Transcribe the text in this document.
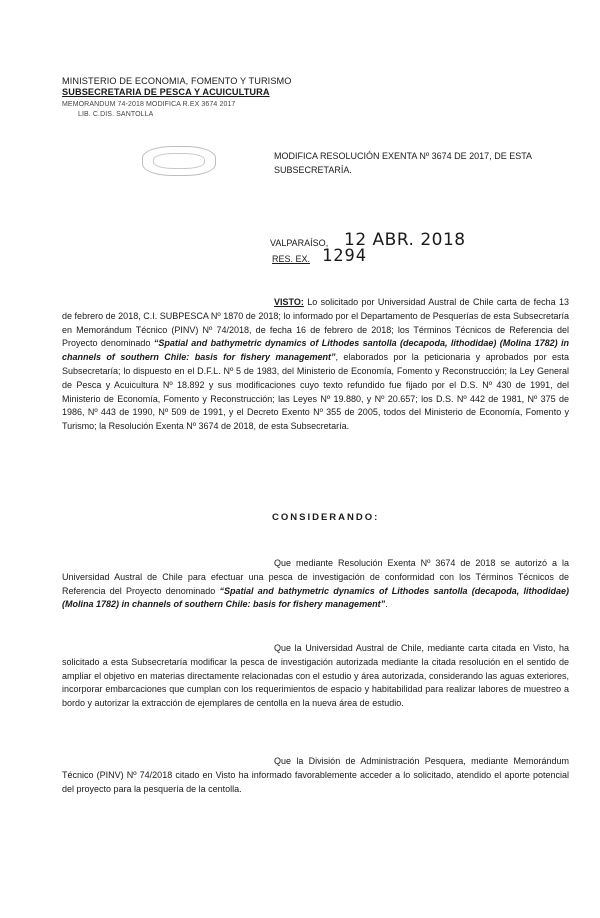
MINISTERIO DE ECONOMIA, FOMENTO Y TURISMO
SUBSECRETARIA DE PESCA Y ACUICULTURA
MEMORANDUM 74-2018 MODIFICA R.EX 3674 2017
LIB. C.DIS. SANTOLLA
MODIFICA RESOLUCIÓN EXENTA Nº 3674 DE 2017, DE ESTA SUBSECRETARÍA.
VALPARAÍSO, 12 ABR. 2018
RES. EX. 1294

VISTO: Lo solicitado por Universidad Austral de Chile carta de fecha 13 de febrero de 2018, C.I. SUBPESCA Nº 1870 de 2018; lo informado por el Departamento de Pesquerías de esta Subsecretaría en Memorándum Técnico (PINV) Nº 74/2018, de fecha 16 de febrero de 2018; los Términos Técnicos de Referencia del Proyecto denominado “Spatial and bathymetric dynamics of Lithodes santolla (decapoda, lithodidae) (Molina 1782) in channels of southern Chile: basis for fishery management”, elaborados por la peticionaria y aprobados por esta Subsecretaría; lo dispuesto en el D.F.L. Nº 5 de 1983, del Ministerio de Economía, Fomento y Reconstrucción; la Ley General de Pesca y Acuicultura Nº 18.892 y sus modificaciones cuyo texto refundido fue fijado por el D.S. Nº 430 de 1991, del Ministerio de Economía, Fomento y Reconstrucción; las Leyes Nº 19.880, y Nº 20.657; los D.S. Nº 442 de 1981, Nº 375 de 1986, Nº 443 de 1990, Nº 509 de 1991, y el Decreto Exento Nº 355 de 2005, todos del Ministerio de Economía, Fomento y Turismo; la Resolución Exenta Nº 3674 de 2018, de esta Subsecretaría.

CONSIDERANDO:

Que mediante Resolución Exenta Nº 3674 de 2018 se autorizó a la Universidad Austral de Chile para efectuar una pesca de investigación de conformidad con los Términos Técnicos de Referencia del Proyecto denominado “Spatial and bathymetric dynamics of Lithodes santolla (decapoda, lithodidae) (Molina 1782) in channels of southern Chile: basis for fishery management”.

Que la Universidad Austral de Chile, mediante carta citada en Visto, ha solicitado a esta Subsecretaría modificar la pesca de investigación autorizada mediante la citada resolución en el sentido de ampliar el objetivo en materias directamente relacionadas con el estudio y área autorizada, considerando las aguas exteriores, incorporar embarcaciones que cumplan con los requerimientos de espacio y habitabilidad para realizar labores de muestreo a bordo y autorizar la extracción de ejemplares de centolla en la nueva área de estudio.

Que la División de Administración Pesquera, mediante Memorándum Técnico (PINV) Nº 74/2018 citado en Visto ha informado favorablemente acceder a lo solicitado, atendido el aporte potencial del proyecto para la pesquería de la centolla.
